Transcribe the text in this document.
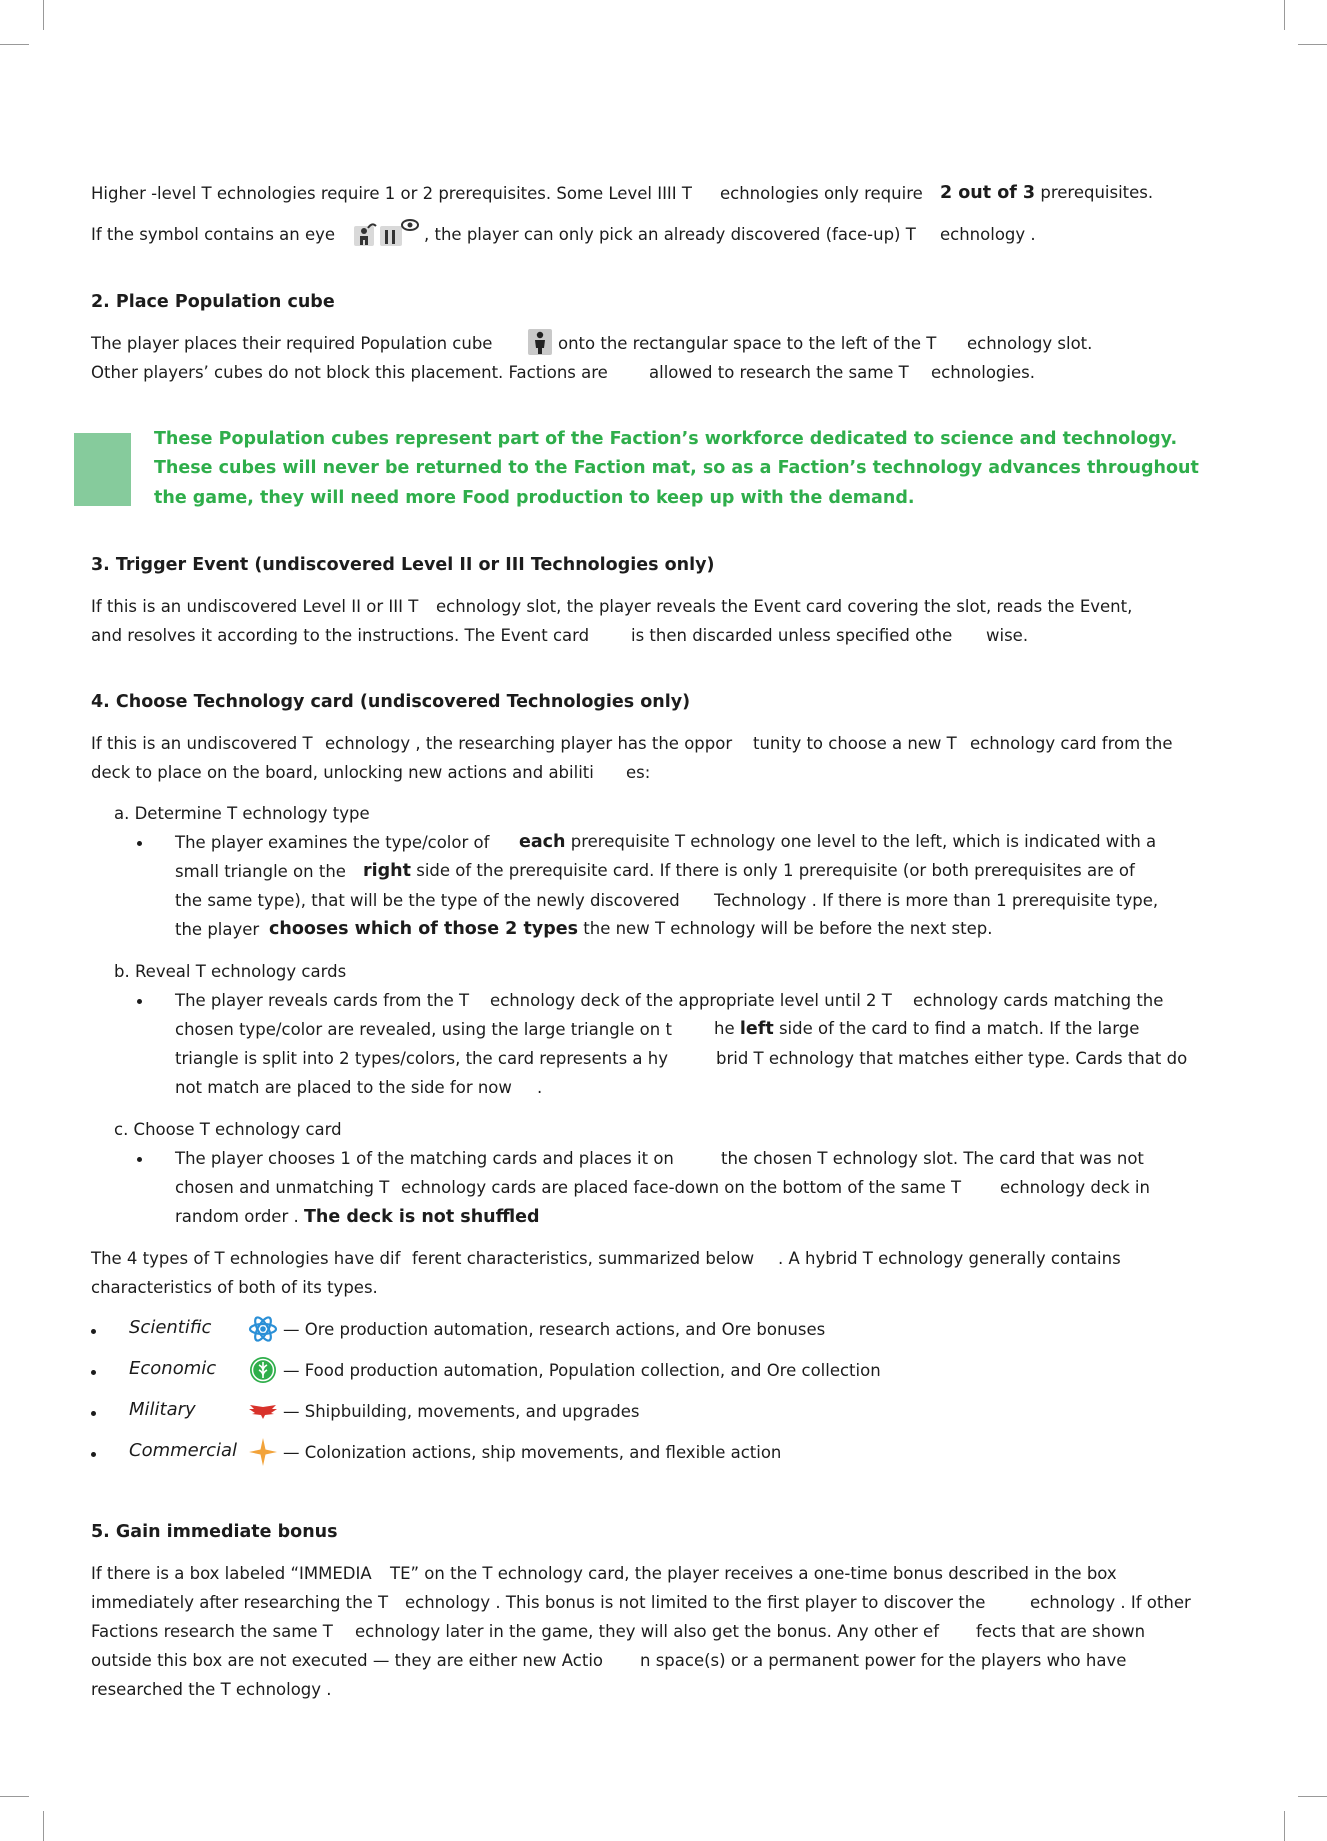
Higher -level T echnologies require 1 or 2 prerequisites. Some Level IIII T echnologies only require 2 out of 3 prerequisites.
If the symbol contains an eye	, the player can only pick an already discovered (face-up) T echnology .
2. Place Population cube
The player places their required Population cube	onto the rectangular space to the left of the T echnology slot.
Other players’ cubes do not block this placement. Factions are allowed to research the same T echnologies.
These Population cubes represent part of the Faction’s workforce dedicated to science and technology.
These cubes will never be returned to the Faction mat, so as a Faction’s technology advances throughout
the game, they will need more Food production to keep up with the demand.
3. Trigger Event (undiscovered Level II or III Technologies only)
If this is an undiscovered Level II or III T echnology slot, the player reveals the Event card covering the slot, reads the Event,
and resolves it according to the instructions. The Event card	is then discarded unless specified othe wise.
4. Choose Technology card (undiscovered Technologies only)
If this is an undiscovered T echnology , the researching player has the oppor tunity to choose a new T echnology card from the
deck to place on the board, unlocking new actions and abiliti es:
a. Determine T echnology type
The player examines the type/color of each prerequisite T echnology one level to the left, which is indicated with a
small triangle on the right side of the prerequisite card. If there is only 1 prerequisite (or both prerequisites are of
the same type), that will be the type of the newly discovered Technology . If there is more than 1 prerequisite type,
the player chooses which of those 2 types the new T echnology will be before the next step.
b. Reveal T echnology cards
The player reveals cards from the T echnology deck of the appropriate level until 2 T echnology cards matching the
chosen type/color are revealed, using the large triangle on t	he left side of the card to find a match. If the large
triangle is split into 2 types/colors, the card represents a hy	brid T echnology that matches either type. Cards that do
not match are placed to the side for now .
c. Choose T echnology card
The player chooses 1 of the matching cards and places it on	the chosen T echnology slot. The card that was not
chosen and unmatching T echnology cards are placed face-down on the bottom of the same T echnology deck in
random order . The deck is not shuffled
The 4 types of T echnologies have dif ferent characteristics, summarized below . A hybrid T echnology generally contains
characteristics of both of its types.
Scientific	— Ore production automation, research actions, and Ore bonuses
Economic	— Food production automation, Population collection, and Ore collection
Military	— Shipbuilding, movements, and upgrades
Commercial	— Colonization actions, ship movements, and flexible action
5. Gain immediate bonus
If there is a box labeled “IMMEDIA TE” on the T echnology card, the player receives a one-time bonus described in the box
immediately after researching the T echnology . This bonus is not limited to the first player to discover the	echnology . If other
Factions research the same T echnology later in the game, they will also get the bonus. Any other ef fects that are shown
outside this box are not executed — they are either new Actio n space(s) or a permanent power for the players who have
researched the T echnology .
